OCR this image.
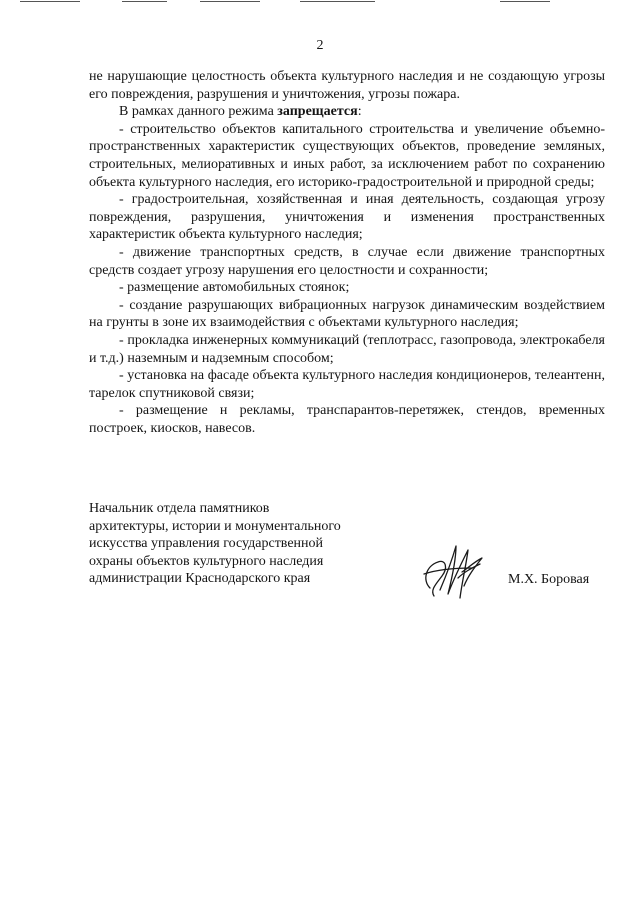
2

не нарушающие целостность объекта культурного наследия и не создающую угрозы его повреждения, разрушения и уничтожения, угрозы пожара.

В рамках данного режима запрещается:

- строительство объектов капитального строительства и увеличение объемно-пространственных характеристик существующих объектов, проведение земляных, строительных, мелиоративных и иных работ, за исключением работ по сохранению объекта культурного наследия, его историко-градостроительной и природной среды;

- градостроительная, хозяйственная и иная деятельность, создающая угрозу повреждения, разрушения, уничтожения и изменения пространственных характеристик объекта культурного наследия;

- движение транспортных средств, в случае если движение транспортных средств создает угрозу нарушения его целостности и сохранности;

- размещение автомобильных стоянок;

- создание разрушающих вибрационных нагрузок динамическим воздействием на грунты в зоне их взаимодействия с объектами культурного наследия;

- прокладка инженерных коммуникаций (теплотрасс, газопровода, электрокабеля и т.д.) наземным и надземным способом;

- установка на фасаде объекта культурного наследия кондиционеров, телеантенн, тарелок спутниковой связи;

- размещение н рекламы, транспарантов-перетяжек, стендов, временных построек, киосков, навесов.

Начальник отдела памятников
архитектуры, истории и монументального
искусства управления государственной
охраны объектов культурного наследия
администрации Краснодарского края	М.Х. Боровая
